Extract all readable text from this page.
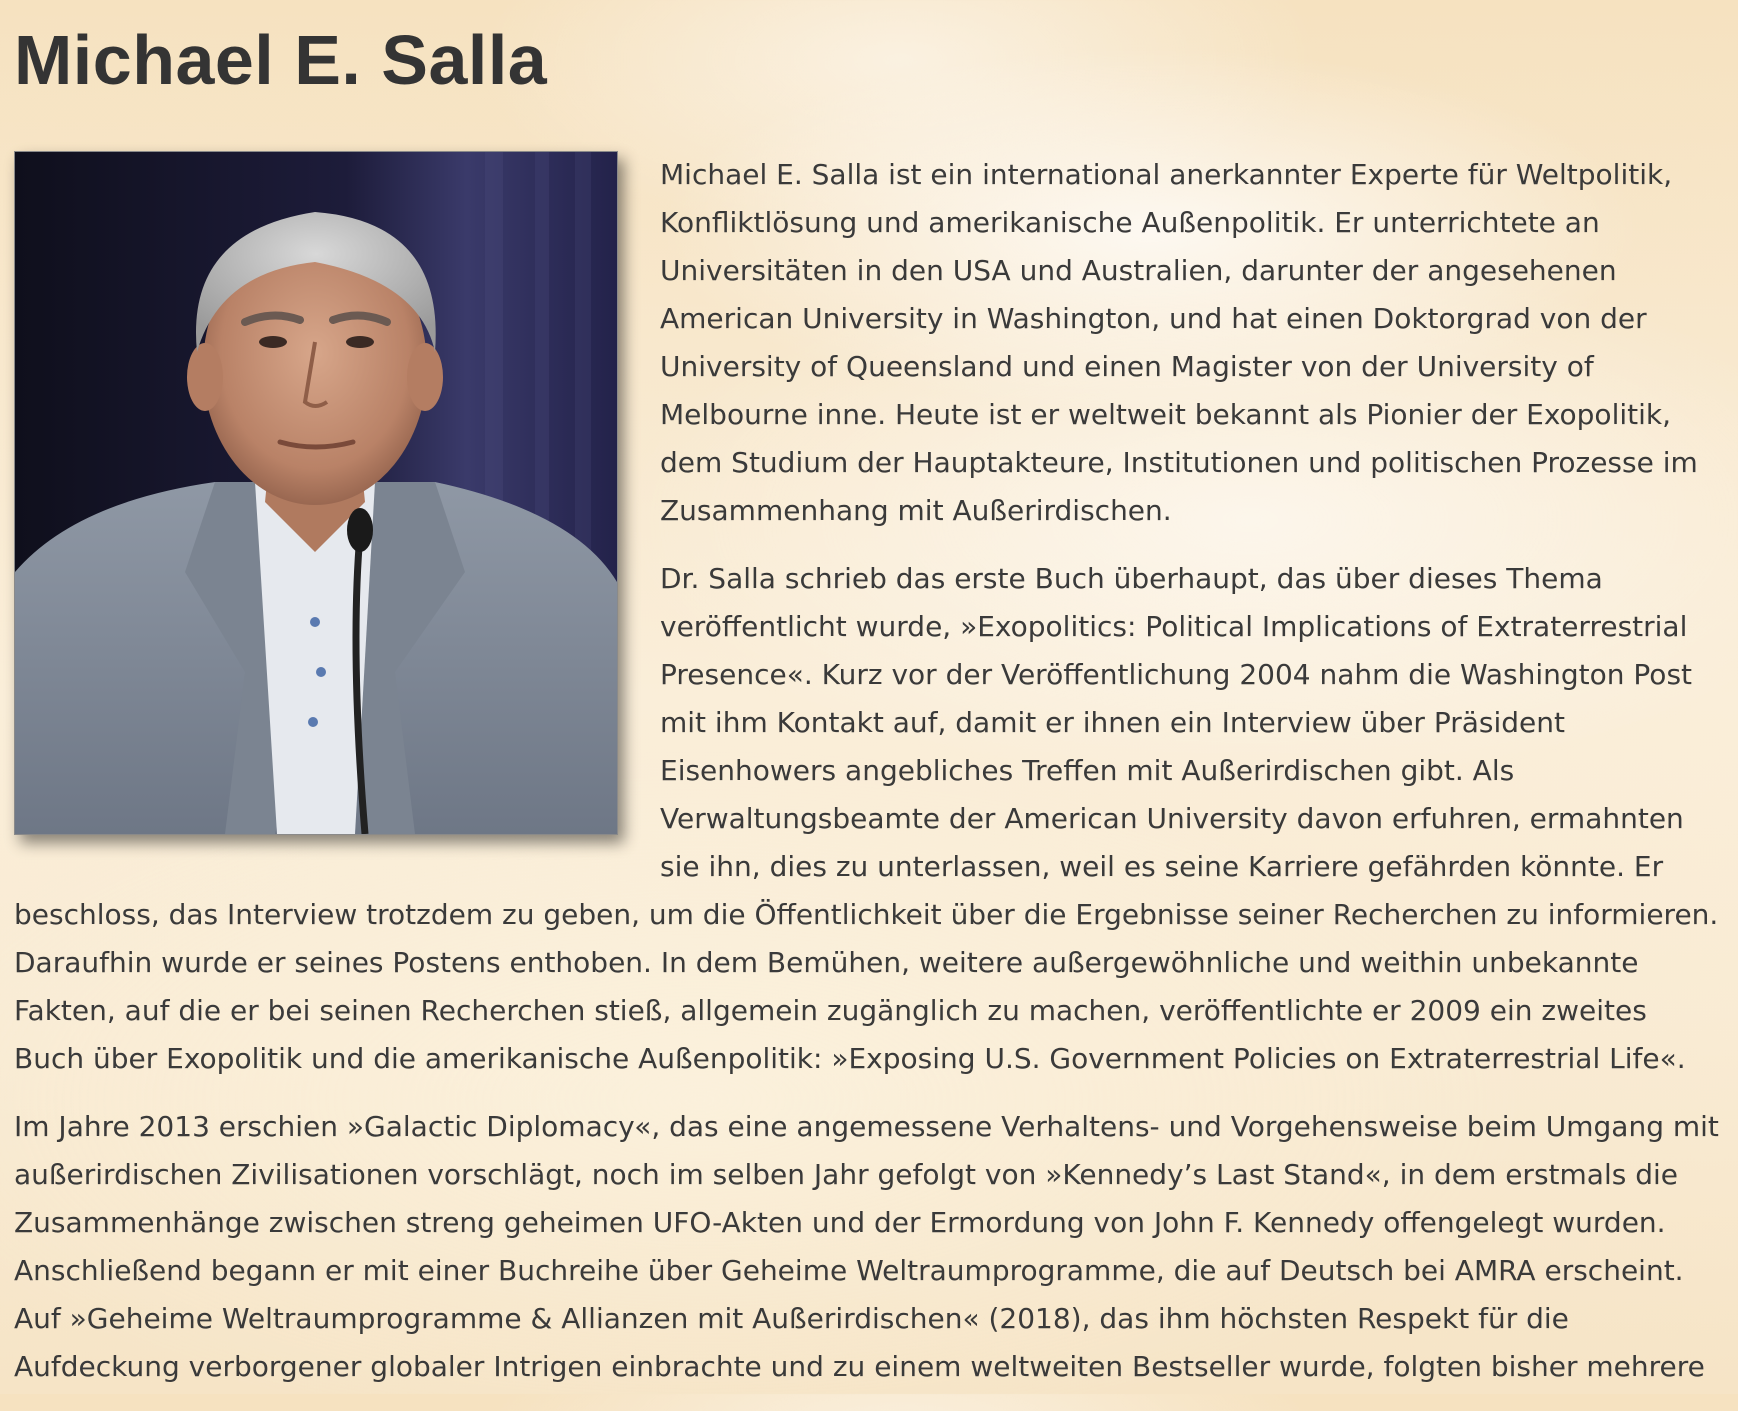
Michael E. Salla

Michael E. Salla ist ein international anerkannter Experte für Weltpolitik, Konfliktlösung und amerikanische Außenpolitik. Er unterrichtete an Universitäten in den USA und Australien, darunter der angesehenen American University in Washington, und hat einen Doktorgrad von der University of Queensland und einen Magister von der University of Melbourne inne. Heute ist er weltweit bekannt als Pionier der Exopolitik, dem Studium der Hauptakteure, Institutionen und politischen Prozesse im Zusammenhang mit Außerirdischen.

Dr. Salla schrieb das erste Buch überhaupt, das über dieses Thema veröffentlicht wurde, »Exopolitics: Political Implications of Extraterrestrial Presence«. Kurz vor der Veröffentlichung 2004 nahm die Washington Post mit ihm Kontakt auf, damit er ihnen ein Interview über Präsident Eisenhowers angebliches Treffen mit Außerirdischen gibt. Als Verwaltungsbeamte der American University davon erfuhren, ermahnten sie ihn, dies zu unterlassen, weil es seine Karriere gefährden könnte. Er beschloss, das Interview trotzdem zu geben, um die Öffentlichkeit über die Ergebnisse seiner Recherchen zu informieren. Daraufhin wurde er seines Postens enthoben. In dem Bemühen, weitere außergewöhnliche und weithin unbekannte Fakten, auf die er bei seinen Recherchen stieß, allgemein zugänglich zu machen, veröffentlichte er 2009 ein zweites Buch über Exopolitik und die amerikanische Außenpolitik: »Exposing U.S. Government Policies on Extraterrestrial Life«.

Im Jahre 2013 erschien »Galactic Diplomacy«, das eine angemessene Verhaltens- und Vorgehensweise beim Umgang mit außerirdischen Zivilisationen vorschlägt, noch im selben Jahr gefolgt von »Kennedy’s Last Stand«, in dem erstmals die Zusammenhänge zwischen streng geheimen UFO-Akten und der Ermordung von John F. Kennedy offengelegt wurden. Anschließend begann er mit einer Buchreihe über Geheime Weltraumprogramme, die auf Deutsch bei AMRA erscheint. Auf »Geheime Weltraumprogramme & Allianzen mit Außerirdischen« (2018), das ihm höchsten Respekt für die Aufdeckung verborgener globaler Intrigen einbrachte und zu einem weltweiten Bestseller wurde, folgten bisher mehrere
